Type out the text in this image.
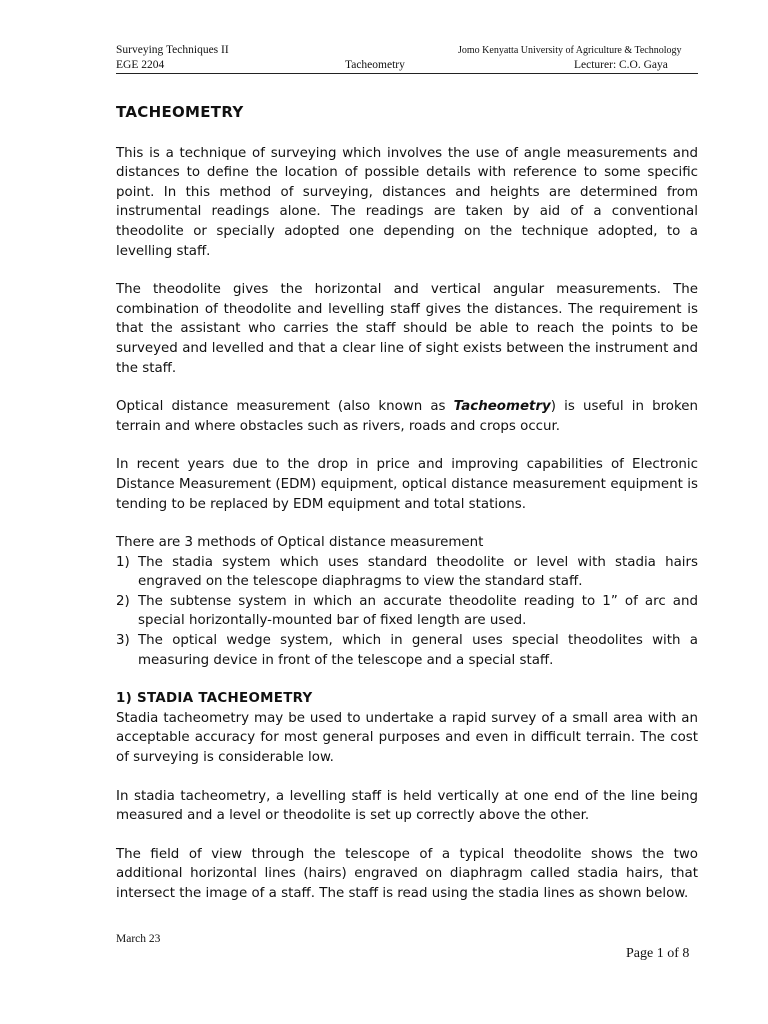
Surveying Techniques II	Jomo Kenyatta University of Agriculture & Technology
EGE 2204	Tacheometry	Lecturer: C.O. Gaya
TACHEOMETRY

This is a technique of surveying which involves the use of angle measurements and distances to define the location of possible details with reference to some specific point. In this method of surveying, distances and heights are determined from instrumental readings alone. The readings are taken by aid of a conventional theodolite or specially adopted one depending on the technique adopted, to a levelling staff.

The theodolite gives the horizontal and vertical angular measurements. The combination of theodolite and levelling staff gives the distances. The requirement is that the assistant who carries the staff should be able to reach the points to be surveyed and levelled and that a clear line of sight exists between the instrument and the staff.

Optical distance measurement (also known as Tacheometry) is useful in broken terrain and where obstacles such as rivers, roads and crops occur.

In recent years due to the drop in price and improving capabilities of Electronic Distance Measurement (EDM) equipment, optical distance measurement equipment is tending to be replaced by EDM equipment and total stations.

There are 3 methods of Optical distance measurement

1) The stadia system which uses standard theodolite or level with stadia hairs engraved on the telescope diaphragms to view the standard staff.
2) The subtense system in which an accurate theodolite reading to 1” of arc and special horizontally-mounted bar of fixed length are used.
3) The optical wedge system, which in general uses special theodolites with a measuring device in front of the telescope and a special staff.
1) STADIA TACHEOMETRY

Stadia tacheometry may be used to undertake a rapid survey of a small area with an acceptable accuracy for most general purposes and even in difficult terrain. The cost of surveying is considerable low.

In stadia tacheometry, a levelling staff is held vertically at one end of the line being measured and a level or theodolite is set up correctly above the other.

The field of view through the telescope of a typical theodolite shows the two additional horizontal lines (hairs) engraved on diaphragm called stadia hairs, that intersect the image of a staff. The staff is read using the stadia lines as shown below.

March 23
Page 1 of 8
